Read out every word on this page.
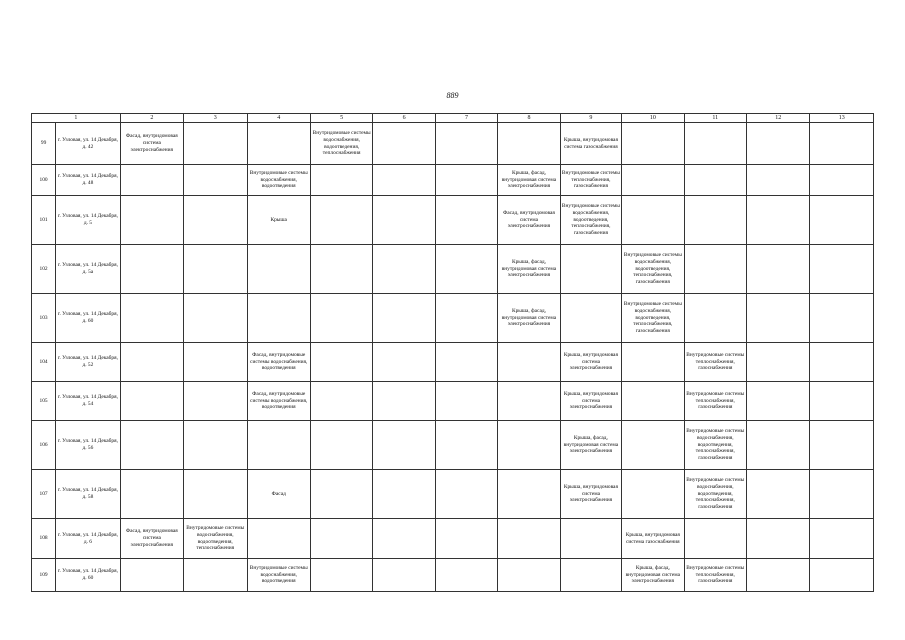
889
1		2	3	4	5	6	7	8	9	10	11	12	13

99	г. Узловая, ул. 14 Декабря, д. 42	Фасад, внутридомовая система электроснабжения			Внутридомовые системы водоснабжения, водоотведения, теплоснабжения				Крыша, внутридомовая система газоснабжения				

100	г. Узловая, ул. 14 Декабря, д. 48			Внутридомовые системы водоснабжения, водоотведения				Крыша, фасад, внутридомовая система электроснабжения	Внутридомовые системы теплоснабжения, газоснабжения				

101	г. Узловая, ул. 14 Декабря, д. 5			Крыша				Фасад, внутридомовая система электроснабжения	Внутридомовые системы водоснабжения, водоотведения, теплоснабжения, газоснабжения				

102	г. Узловая, ул. 14 Декабря, д. 5а							Крыша, фасад, внутридомовая система электроснабжения		Внутридомовые системы водоснабжения, водоотведения, теплоснабжения, газоснабжения			

103	г. Узловая, ул. 14 Декабря, д. 60							Крыша, фасад, внутридомовая система электроснабжения		Внутридомовые системы водоснабжения, водоотведения, теплоснабжения, газоснабжения			

104	г. Узловая, ул. 14 Декабря, д. 52			Фасад, внутридомовые системы водоснабжения, водоотведения					Крыша, внутридомовая система электроснабжения		Внутридомовые системы теплоснабжения, газоснабжения		

105	г. Узловая, ул. 14 Декабря, д. 54			Фасад, внутридомовые системы водоснабжения, водоотведения					Крыша, внутридомовая система электроснабжения		Внутридомовые системы теплоснабжения, газоснабжения		

106	г. Узловая, ул. 14 Декабря, д. 56								Крыша, фасад, внутридомовая система электроснабжения		Внутридомовые системы водоснабжения, водоотведения, теплоснабжения, газоснабжения		

107	г. Узловая, ул. 14 Декабря, д. 58			Фасад					Крыша, внутридомовая система электроснабжения		Внутридомовые системы водоснабжения, водоотведения, теплоснабжения, газоснабжения		

108	г. Узловая, ул. 14 Декабря, д. 6	Фасад, внутридомовая система электроснабжения	Внутридомовые системы водоснабжения, водоотведения, теплоснабжения							Крыша, внутридомовая система газоснабжения			

109	г. Узловая, ул. 14 Декабря, д. 60			Внутридомовые системы водоснабжения, водоотведения						Крыша, фасад, внутридомовая система электроснабжения	Внутридомовые системы теплоснабжения, газоснабжения		
